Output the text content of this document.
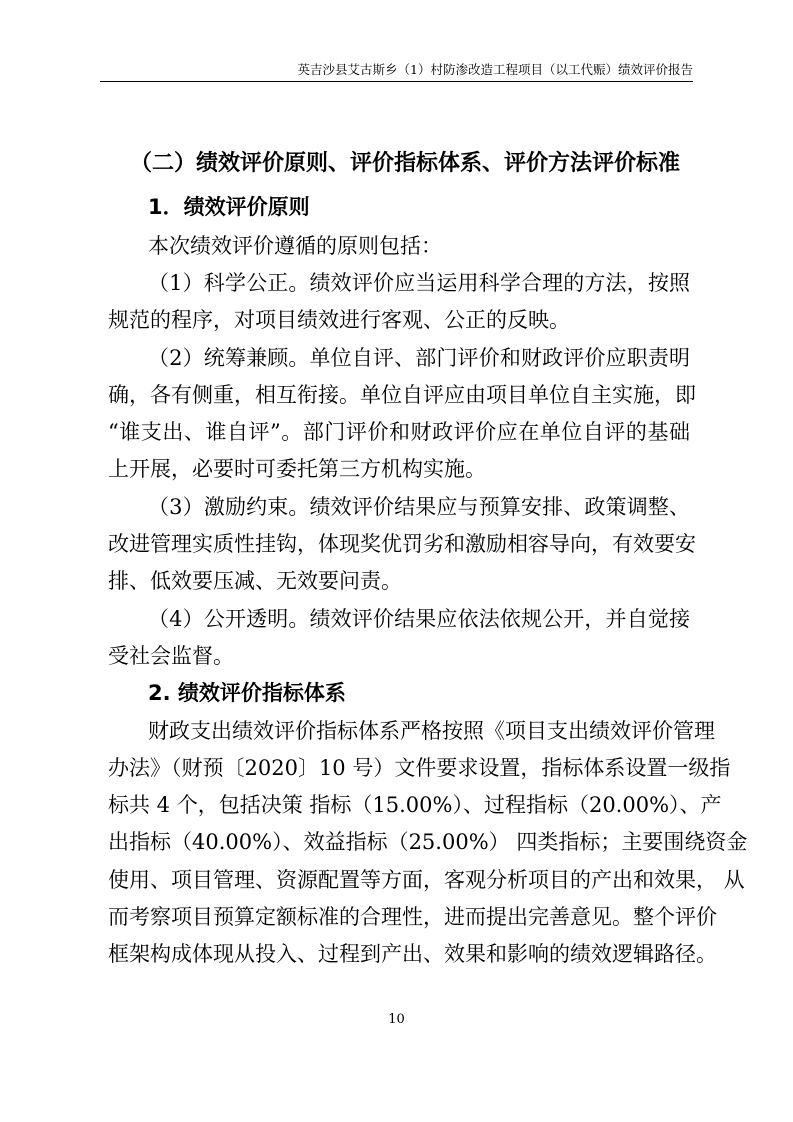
英吉沙县艾古斯乡（1）村防渗改造工程项目（以工代赈）绩效评价报告
（二）绩效评价原则、评价指标体系、评价方法评价标准
1．绩效评价原则
本次绩效评价遵循的原则包括：
（1）科学公正。绩效评价应当运用科学合理的方法，按照
规范的程序，对项目绩效进行客观、公正的反映。
（2）统筹兼顾。单位自评、部门评价和财政评价应职责明
确，各有侧重，相互衔接。单位自评应由项目单位自主实施，即
“谁支出、谁自评”。部门评价和财政评价应在单位自评的基础
上开展，必要时可委托第三方机构实施。
（3）激励约束。绩效评价结果应与预算安排、政策调整、
改进管理实质性挂钩，体现奖优罚劣和激励相容导向，有效要安
排、低效要压减、无效要问责。
（4）公开透明。绩效评价结果应依法依规公开，并自觉接
受社会监督。
2. 绩效评价指标体系
财政支出绩效评价指标体系严格按照《项目支出绩效评价管理
办法》（财预〔2020〕10 号）文件要求设置，指标体系设置一级指
标共 4 个，包括决策 指标（15.00%）、过程指标（20.00%）、产
出指标（40.00%）、效益指标（25.00%） 四类指标；主要围绕资金
使用、项目管理、资源配置等方面，客观分析项目的产出和效果， 从
而考察项目预算定额标准的合理性，进而提出完善意见。整个评价
框架构成体现从投入、过程到产出、效果和影响的绩效逻辑路径。
10
